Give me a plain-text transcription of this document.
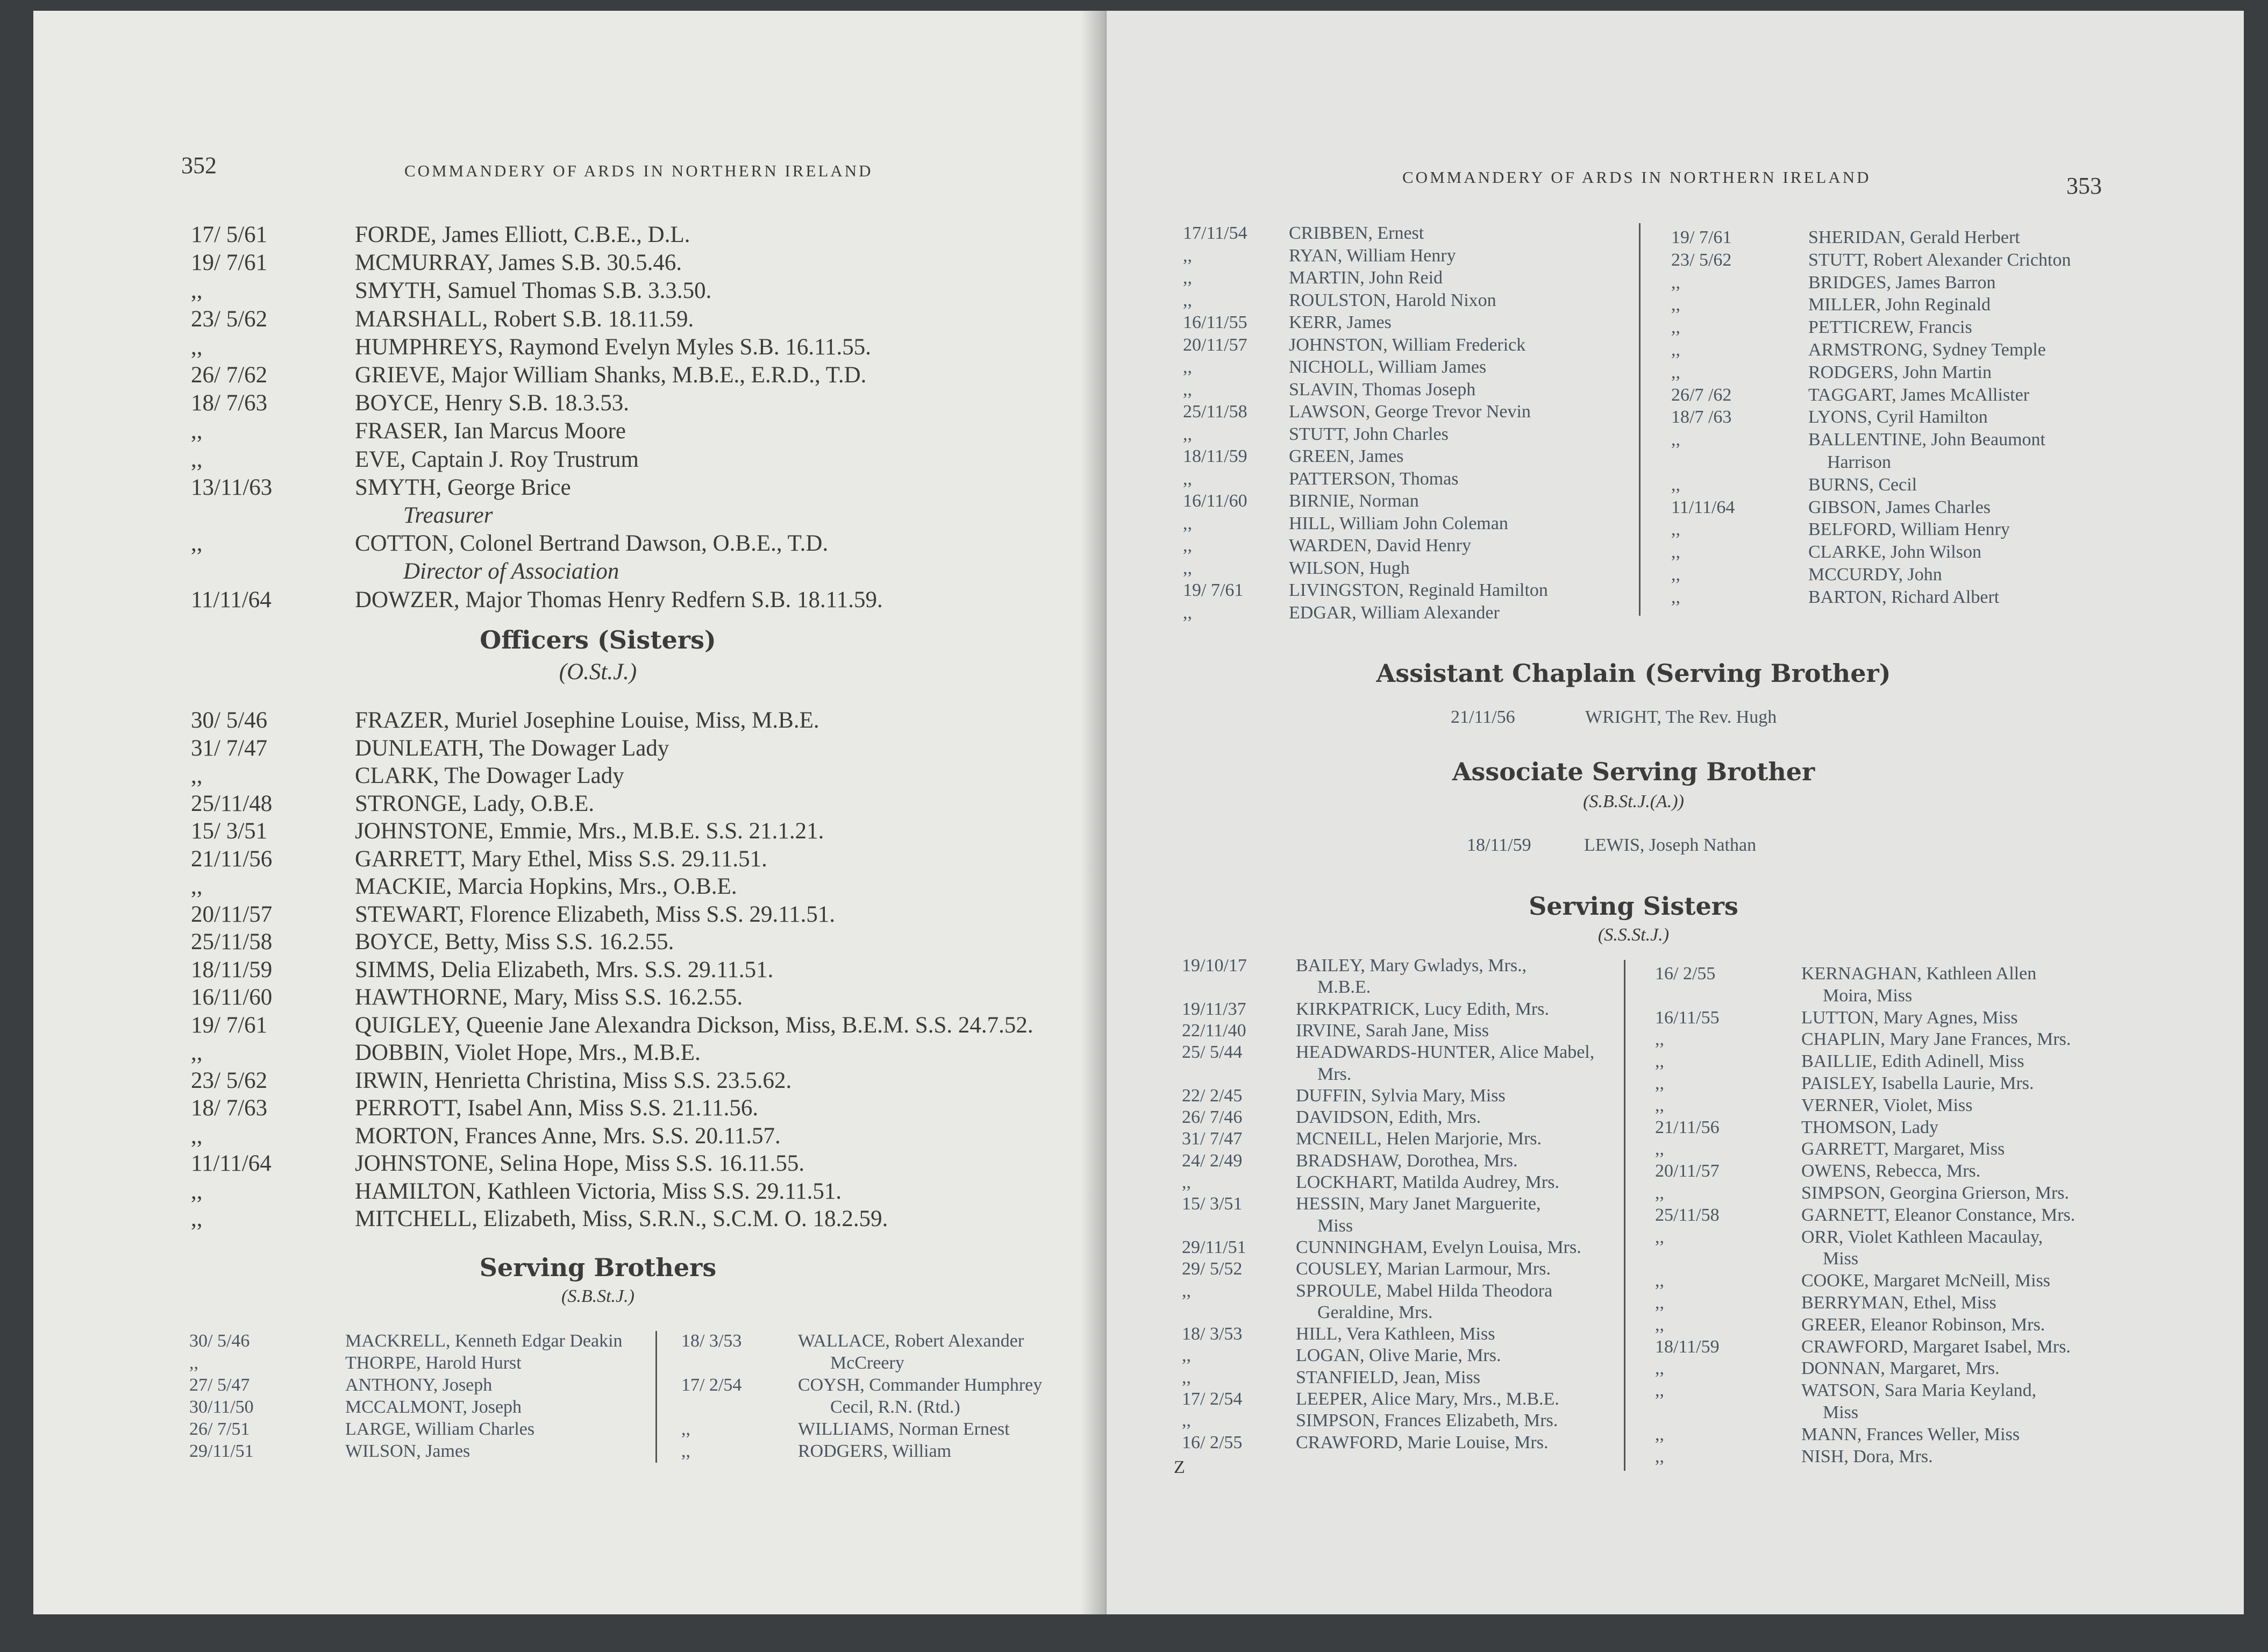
352	COMMANDERY OF ARDS IN NORTHERN IRELAND
17/ 5/61	FORDE, James Elliott, C.B.E., D.L.
19/ 7/61	MCMURRAY, James S.B. 30.5.46.
,,	SMYTH, Samuel Thomas S.B. 3.3.50.
23/ 5/62	MARSHALL, Robert S.B. 18.11.59.
,,	HUMPHREYS, Raymond Evelyn Myles S.B. 16.11.55.
26/ 7/62	GRIEVE, Major William Shanks, M.B.E., E.R.D., T.D.
18/ 7/63	BOYCE, Henry S.B. 18.3.53.
,,	FRASER, Ian Marcus Moore
,,	EVE, Captain J. Roy Trustrum
13/11/63	SMYTH, George Brice
Treasurer
,,	COTTON, Colonel Bertrand Dawson, O.B.E., T.D.
Director of Association
11/11/64	DOWZER, Major Thomas Henry Redfern S.B. 18.11.59.
Officers (Sisters)
(O.St.J.)
30/ 5/46	FRAZER, Muriel Josephine Louise, Miss, M.B.E.
31/ 7/47	DUNLEATH, The Dowager Lady
,,	CLARK, The Dowager Lady
25/11/48	STRONGE, Lady, O.B.E.
15/ 3/51	JOHNSTONE, Emmie, Mrs., M.B.E. S.S. 21.1.21.
21/11/56	GARRETT, Mary Ethel, Miss S.S. 29.11.51.
,,	MACKIE, Marcia Hopkins, Mrs., O.B.E.
20/11/57	STEWART, Florence Elizabeth, Miss S.S. 29.11.51.
25/11/58	BOYCE, Betty, Miss S.S. 16.2.55.
18/11/59	SIMMS, Delia Elizabeth, Mrs. S.S. 29.11.51.
16/11/60	HAWTHORNE, Mary, Miss S.S. 16.2.55.
19/ 7/61	QUIGLEY, Queenie Jane Alexandra Dickson, Miss, B.E.M. S.S. 24.7.52.
,,	DOBBIN, Violet Hope, Mrs., M.B.E.
23/ 5/62	IRWIN, Henrietta Christina, Miss S.S. 23.5.62.
18/ 7/63	PERROTT, Isabel Ann, Miss S.S. 21.11.56.
,,	MORTON, Frances Anne, Mrs. S.S. 20.11.57.
11/11/64	JOHNSTONE, Selina Hope, Miss S.S. 16.11.55.
,,	HAMILTON, Kathleen Victoria, Miss S.S. 29.11.51.
,,	MITCHELL, Elizabeth, Miss, S.R.N., S.C.M. O. 18.2.59.
Serving Brothers
(S.B.St.J.)
30/ 5/46	MACKRELL, Kenneth Edgar Deakin
,,	THORPE, Harold Hurst
27/ 5/47	ANTHONY, Joseph
30/11/50	MCCALMONT, Joseph
26/ 7/51	LARGE, William Charles
29/11/51	WILSON, James
18/ 3/53	WALLACE, Robert Alexander
McCreery
17/ 2/54	COYSH, Commander Humphrey
Cecil, R.N. (Rtd.)
,,	WILLIAMS, Norman Ernest
,,	RODGERS, William
COMMANDERY OF ARDS IN NORTHERN IRELAND	353
17/11/54 CRIBBEN, Ernest
,,	RYAN, William Henry
,,	MARTIN, John Reid
,,	ROULSTON, Harold Nixon
16/11/55 KERR, James
20/11/57 JOHNSTON, William Frederick
,,	NICHOLL, William James
,,	SLAVIN, Thomas Joseph
25/11/58 LAWSON, George Trevor Nevin
,,	STUTT, John Charles
18/11/59 GREEN, James
,,	PATTERSON, Thomas
16/11/60 BIRNIE, Norman
,,	HILL, William John Coleman
,,	WARDEN, David Henry
,,	WILSON, Hugh
19/ 7/61 LIVINGSTON, Reginald Hamilton
,,	EDGAR, William Alexander
19/ 7/61	SHERIDAN, Gerald Herbert
23/ 5/62	STUTT, Robert Alexander Crichton
,,	BRIDGES, James Barron
,,	MILLER, John Reginald
,,	PETTICREW, Francis
,,	ARMSTRONG, Sydney Temple
,,	RODGERS, John Martin
26/7 /62	TAGGART, James McAllister
18/7 /63	LYONS, Cyril Hamilton
,,	BALLENTINE, John Beaumont
Harrison
,,	BURNS, Cecil
11/11/64	GIBSON, James Charles
,,	BELFORD, William Henry
,,	CLARKE, John Wilson
,,	MCCURDY, John
,,	BARTON, Richard Albert
Assistant Chaplain (Serving Brother)
21/11/56	WRIGHT, The Rev. Hugh
Associate Serving Brother
(S.B.St.J.(A.))
18/11/59	LEWIS, Joseph Nathan
Serving Sisters
(S.S.St.J.)
19/10/17	BAILEY, Mary Gwladys, Mrs.,
M.B.E.
19/11/37	KIRKPATRICK, Lucy Edith, Mrs.
22/11/40	IRVINE, Sarah Jane, Miss
25/ 5/44	HEADWARDS-HUNTER, Alice Mabel,
Mrs.
22/ 2/45	DUFFIN, Sylvia Mary, Miss
26/ 7/46	DAVIDSON, Edith, Mrs.
31/ 7/47	MCNEILL, Helen Marjorie, Mrs.
24/ 2/49	BRADSHAW, Dorothea, Mrs.
,,	LOCKHART, Matilda Audrey, Mrs.
15/ 3/51	HESSIN, Mary Janet Marguerite,
Miss
29/11/51	CUNNINGHAM, Evelyn Louisa, Mrs.
29/ 5/52	COUSLEY, Marian Larmour, Mrs.
,,	SPROULE, Mabel Hilda Theodora
Geraldine, Mrs.
18/ 3/53	HILL, Vera Kathleen, Miss
,,	LOGAN, Olive Marie, Mrs.
,,	STANFIELD, Jean, Miss
17/ 2/54	LEEPER, Alice Mary, Mrs., M.B.E.
,,	SIMPSON, Frances Elizabeth, Mrs.
16/ 2/55	CRAWFORD, Marie Louise, Mrs.
16/ 2/55	KERNAGHAN, Kathleen Allen
Moira, Miss
16/11/55	LUTTON, Mary Agnes, Miss
,,	CHAPLIN, Mary Jane Frances, Mrs.
,,	BAILLIE, Edith Adinell, Miss
,,	PAISLEY, Isabella Laurie, Mrs.
,,	VERNER, Violet, Miss
21/11/56	THOMSON, Lady
,,	GARRETT, Margaret, Miss
20/11/57	OWENS, Rebecca, Mrs.
,,	SIMPSON, Georgina Grierson, Mrs.
25/11/58	GARNETT, Eleanor Constance, Mrs.
,,	ORR, Violet Kathleen Macaulay,
Miss
,,	COOKE, Margaret McNeill, Miss
,,	BERRYMAN, Ethel, Miss
,,	GREER, Eleanor Robinson, Mrs.
18/11/59	CRAWFORD, Margaret Isabel, Mrs.
,,	DONNAN, Margaret, Mrs.
,,	WATSON, Sara Maria Keyland,
Miss
,,	MANN, Frances Weller, Miss
,,	NISH, Dora, Mrs.
Z
